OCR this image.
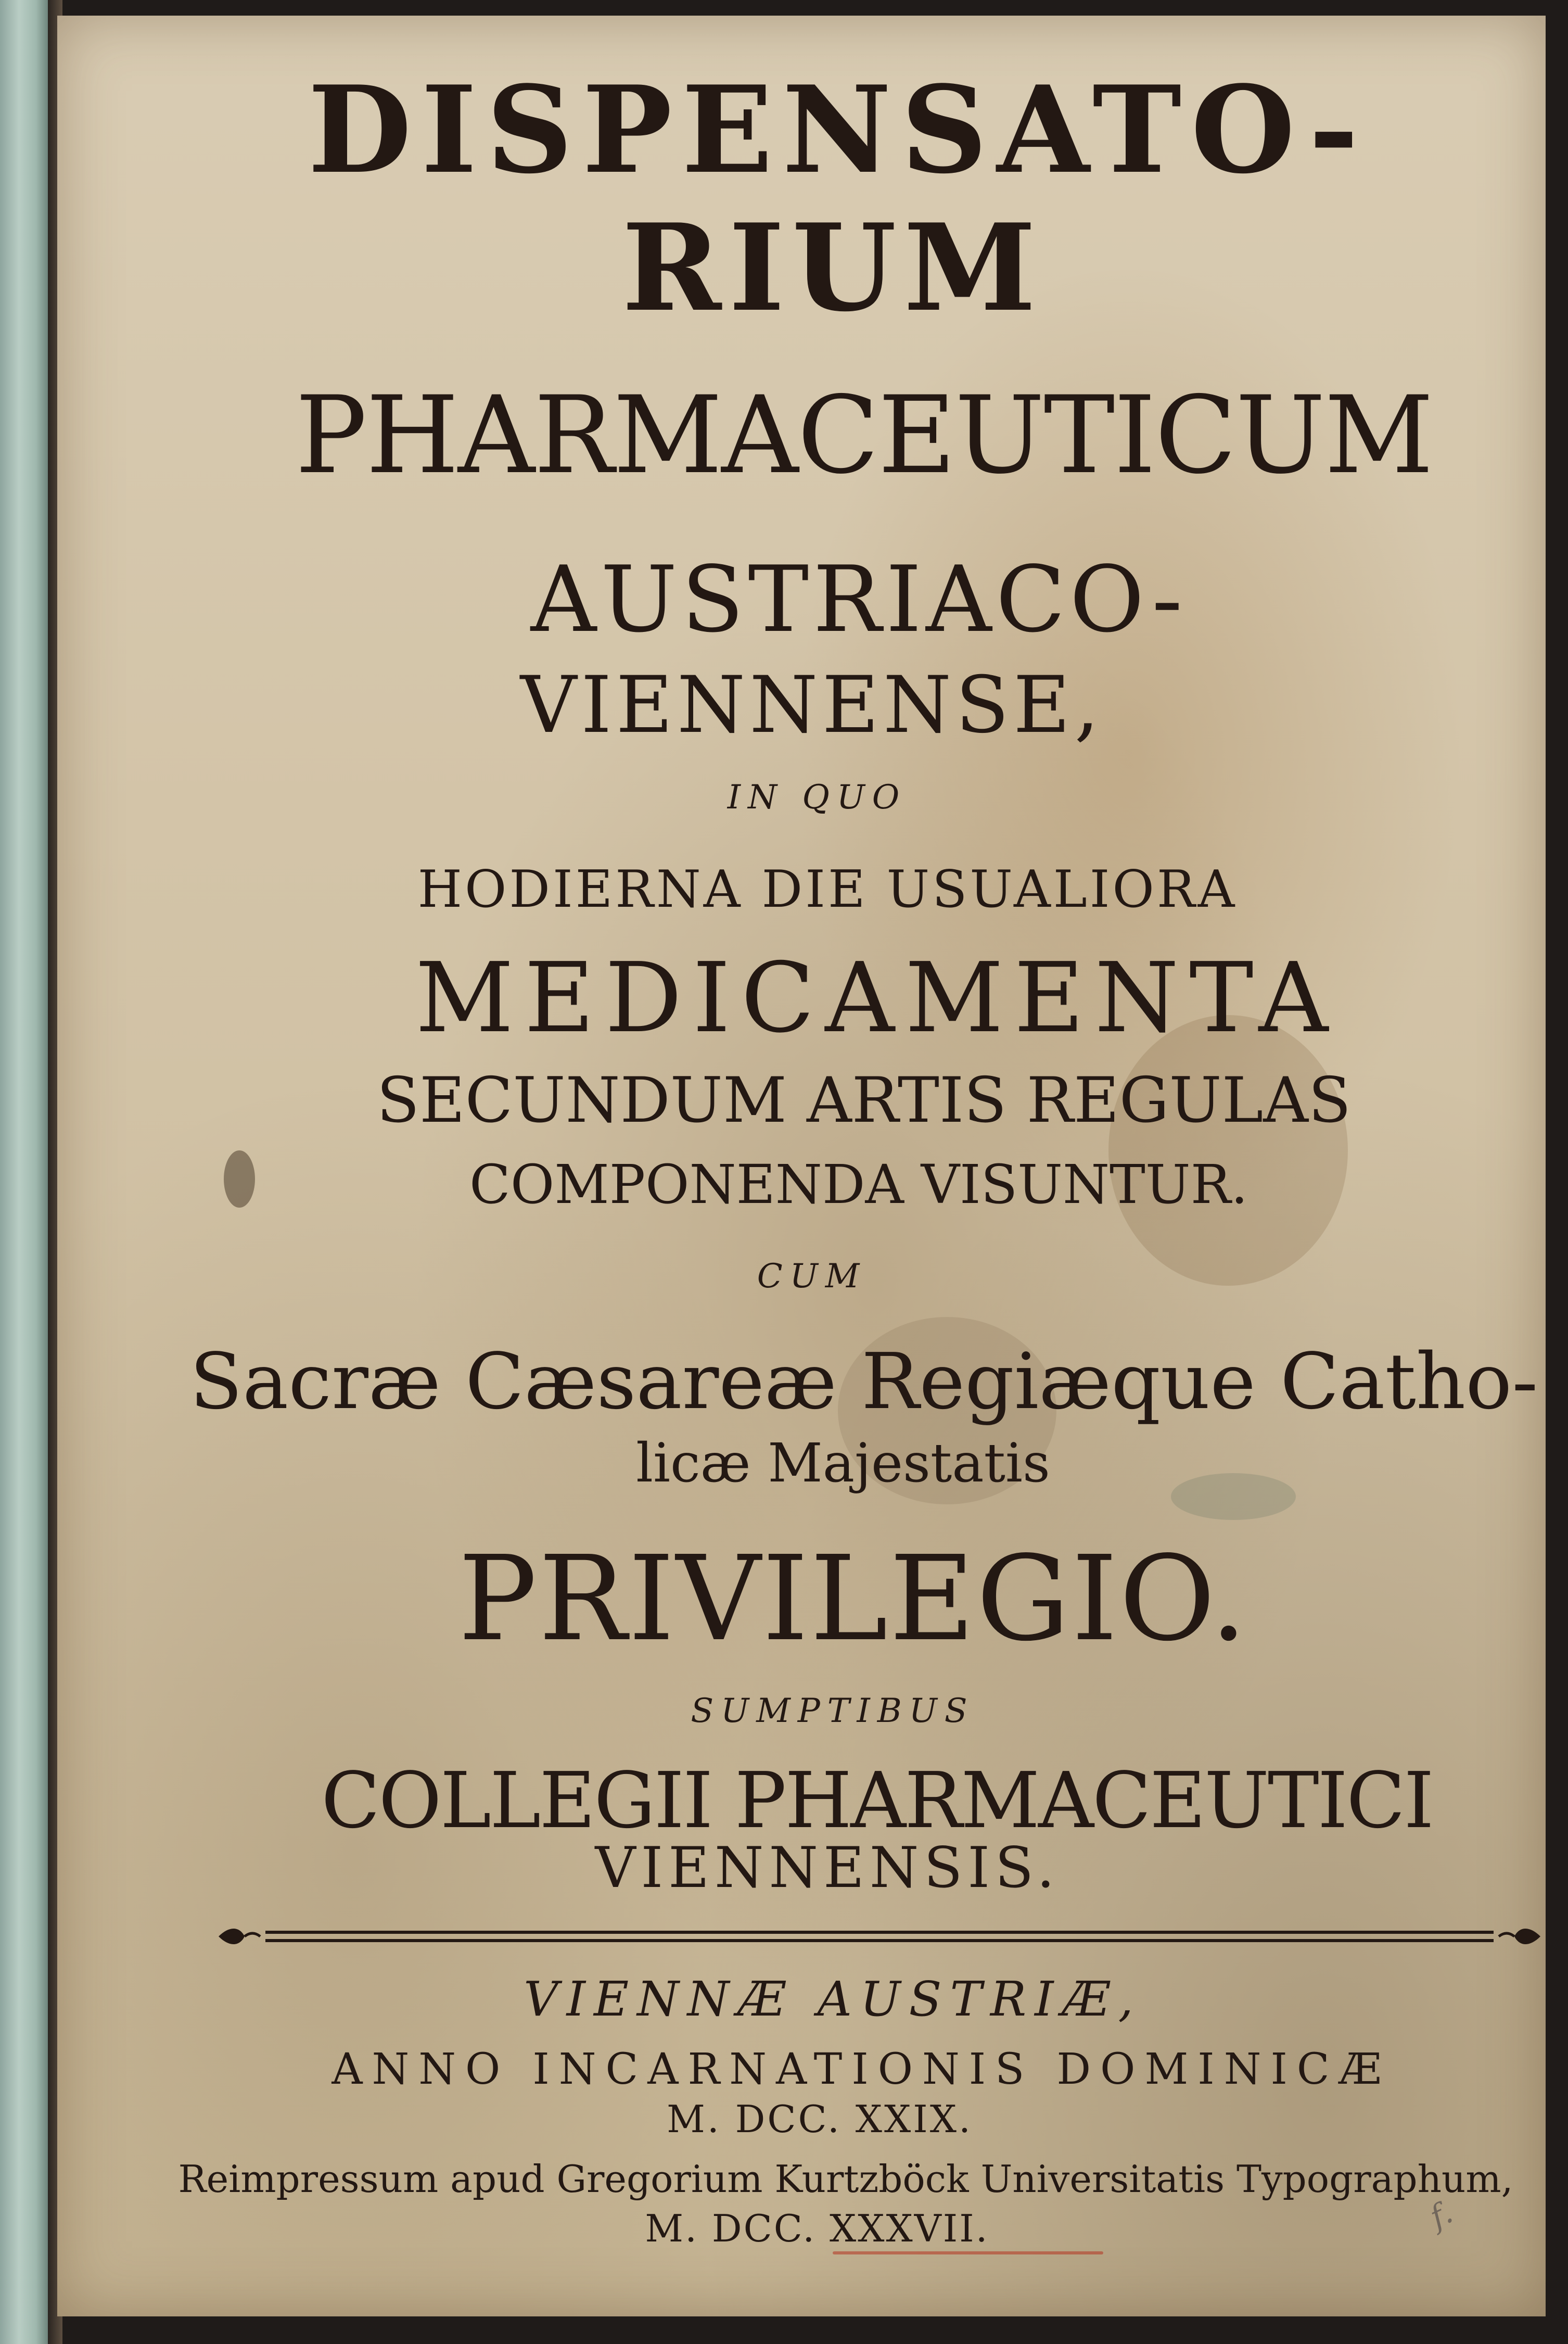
DISPENSATO-
RIUM
PHARMACEUTICUM
AUSTRIACO-
VIENNENSE,
IN QUO
HODIERNA DIE USUALIORA
MEDICAMENTA
SECUNDUM ARTIS REGULAS
COMPONENDA VISUNTUR.
CUM
Sacræ Cæsareæ Regiæque Catho-
licæ Majestatis
PRIVILEGIO.
SUMPTIBUS
COLLEGII PHARMACEUTICI
VIENNENSIS.
VIENNÆ AUSTRIÆ,
ANNO INCARNATIONIS DOMINICÆ
M. DCC. XXIX.
Reimpressum apud Gregorium Kurtzböck Universitatis Typographum,
M. DCC. XXXVII.	f.
